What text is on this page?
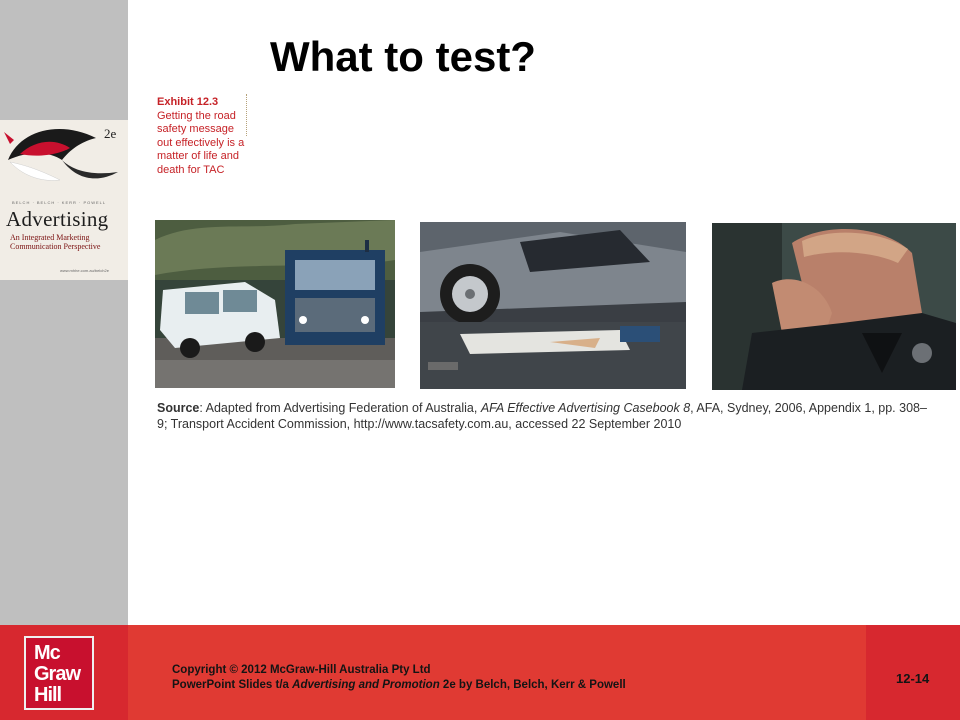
2e
BELCH · BELCH · KERR · POWELL
Advertising
An Integrated Marketing Communication Perspective
www.mhhe.com.au/belch2e
What to test?
Exhibit 12.3
Getting the road safety message out effectively is a matter of life and death for TAC

Source: Adapted from Advertising Federation of Australia, AFA Effective Advertising Casebook 8, AFA, Sydney, 2006, Appendix 1, pp. 308–9; Transport Accident Commission, http://www.tacsafety.com.au, accessed 22 September 2010

Mc
Graw
Hill
Copyright © 2012 McGraw-Hill Australia Pty Ltd
PowerPoint Slides t/a Advertising and Promotion 2e by Belch, Belch, Kerr & Powell	12-14
